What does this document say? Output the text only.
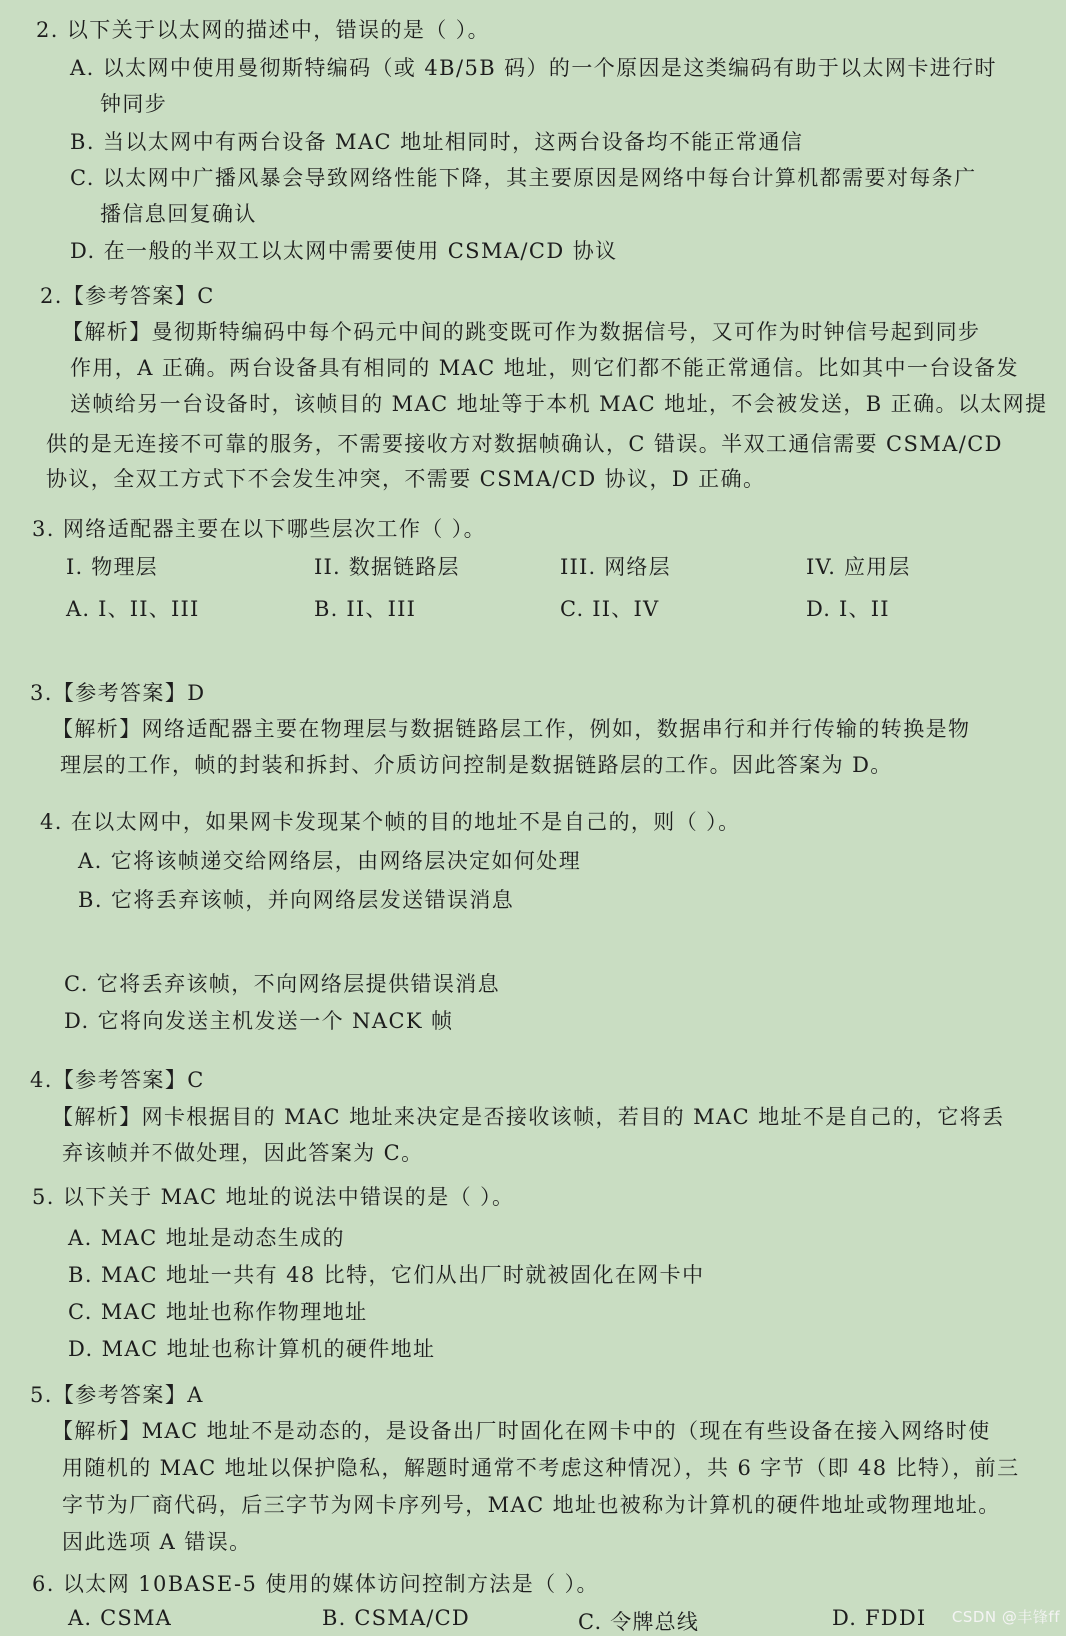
2. 以下关于以太网的描述中，错误的是（ ）。
A. 以太网中使用曼彻斯特编码（或 4B/5B 码）的一个原因是这类编码有助于以太网卡进行时
钟同步
B. 当以太网中有两台设备 MAC 地址相同时，这两台设备均不能正常通信
C. 以太网中广播风暴会导致网络性能下降，其主要原因是网络中每台计算机都需要对每条广
播信息回复确认
D. 在一般的半双工以太网中需要使用 CSMA/CD 协议
2.【参考答案】C
【解析】曼彻斯特编码中每个码元中间的跳变既可作为数据信号，又可作为时钟信号起到同步
作用，A 正确。两台设备具有相同的 MAC 地址，则它们都不能正常通信。比如其中一台设备发
送帧给另一台设备时，该帧目的 MAC 地址等于本机 MAC 地址，不会被发送，B 正确。以太网提
供的是无连接不可靠的服务，不需要接收方对数据帧确认，C 错误。半双工通信需要 CSMA/CD
协议，全双工方式下不会发生冲突，不需要 CSMA/CD 协议，D 正确。
3. 网络适配器主要在以下哪些层次工作（ ）。
I. 物理层	II. 数据链路层	III. 网络层	IV. 应用层
A. I、II、III	B. II、III	C. II、IV	D. I、II
3.【参考答案】D
【解析】网络适配器主要在物理层与数据链路层工作，例如，数据串行和并行传输的转换是物
理层的工作，帧的封装和拆封、介质访问控制是数据链路层的工作。因此答案为 D。
4. 在以太网中，如果网卡发现某个帧的目的地址不是自己的，则（ ）。
A. 它将该帧递交给网络层，由网络层决定如何处理
B. 它将丢弃该帧，并向网络层发送错误消息
C. 它将丢弃该帧，不向网络层提供错误消息
D. 它将向发送主机发送一个 NACK 帧
4.【参考答案】C
【解析】网卡根据目的 MAC 地址来决定是否接收该帧，若目的 MAC 地址不是自己的，它将丢
弃该帧并不做处理，因此答案为 C。
5. 以下关于 MAC 地址的说法中错误的是（ ）。
A. MAC 地址是动态生成的
B. MAC 地址一共有 48 比特，它们从出厂时就被固化在网卡中
C. MAC 地址也称作物理地址
D. MAC 地址也称计算机的硬件地址
5.【参考答案】A
【解析】MAC 地址不是动态的，是设备出厂时固化在网卡中的（现在有些设备在接入网络时使
用随机的 MAC 地址以保护隐私，解题时通常不考虑这种情况），共 6 字节（即 48 比特），前三
字节为厂商代码，后三字节为网卡序列号，MAC 地址也被称为计算机的硬件地址或物理地址。
因此选项 A 错误。
6. 以太网 10BASE-5 使用的媒体访问控制方法是（ ）。
A. CSMA	B. CSMA/CD	C. 令牌总线	D. FDDI CSDN @丰锋ff
